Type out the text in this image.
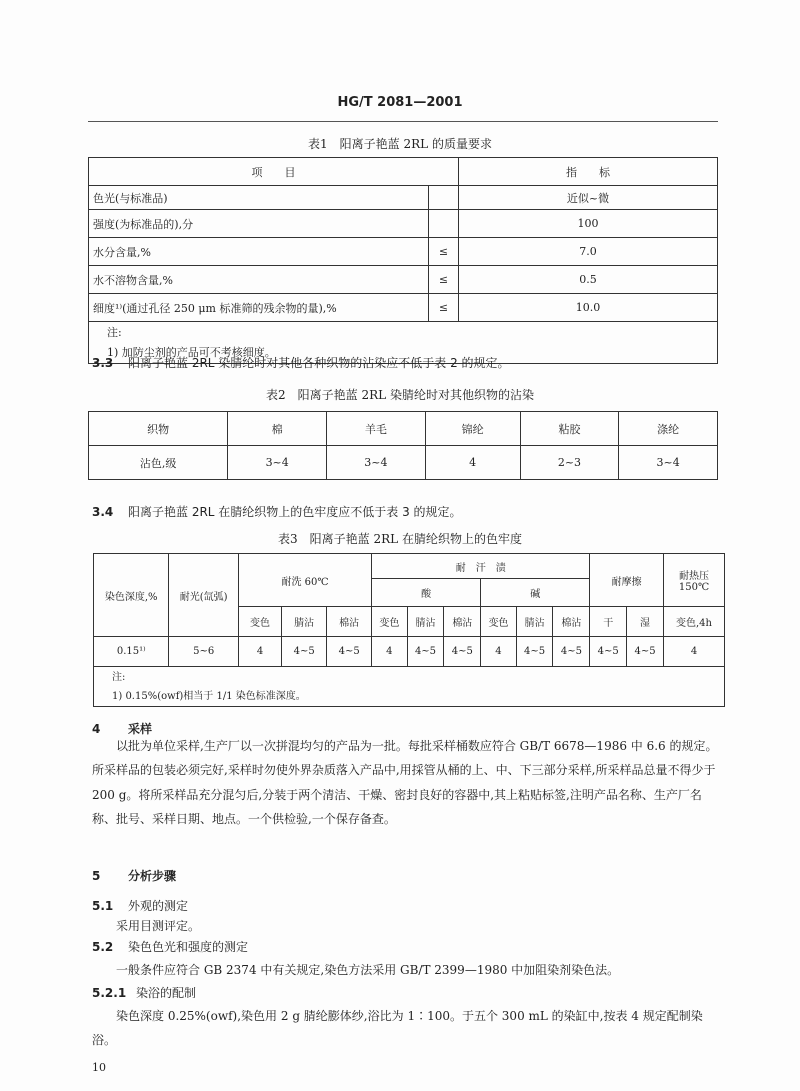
HG/T 2081—2001
表1　阳离子艳蓝 2RL 的质量要求
项　　目		指　　标
色光(与标准品)		近似~微
强度(为标准品的),分		100
水分含量,%	≤	7.0
水不溶物含量,%	≤	0.5
细度¹⁾(通过孔径 250 μm 标准筛的残余物的量),%	≤	10.0

注:
1) 加防尘剂的产品可不考核细度。		
3.3 阳离子艳蓝 2RL 染腈纶时对其他各种织物的沾染应不低于表 2 的规定。
表2　阳离子艳蓝 2RL 染腈纶时对其他织物的沾染
织物	棉	羊毛	锦纶	粘胶	涤纶
沾色,级	3~4	3~4	4	2~3	3~4
3.4 阳离子艳蓝 2RL 在腈纶织物上的色牢度应不低于表 3 的规定。
表3　阳离子艳蓝 2RL 在腈纶织物上的色牢度
染色深度,%	耐光(氙弧)	耐洗 60℃			耐　汗　渍						耐摩擦		耐热压 150℃
					酸			碱					
		变色	腈沾	棉沾	变色	腈沾	棉沾	变色	腈沾	棉沾	干	湿	变色,4h
0.15¹⁾	5~6	4	4~5	4~5	4	4~5	4~5	4	4~5	4~5	4~5	4~5	4

注:
1) 0.15%(owf)相当于 1/1 染色标准深度。													
4 采样
以批为单位采样,生产厂以一次拼混均匀的产品为一批。每批采样桶数应符合 GB/T 6678—1986 中 6.6 的规定。所采样品的包装必须完好,采样时勿使外界杂质落入产品中,用採管从桶的上、中、下三部分采样,所采样品总量不得少于 200 g。将所采样品充分混匀后,分装于两个清洁、干燥、密封良好的容器中,其上粘贴标签,注明产品名称、生产厂名称、批号、采样日期、地点。一个供检验,一个保存备查。
5 分析步骤
5.1 外观的测定
采用目测评定。
5.2 染色色光和强度的测定
一般条件应符合 GB 2374 中有关规定,染色方法采用 GB/T 2399—1980 中加阻染剂染色法。
5.2.1 染浴的配制
染色深度 0.25%(owf),染色用 2 g 腈纶膨体纱,浴比为 1∶100。于五个 300 mL 的染缸中,按表 4 规定配制染浴。
10
